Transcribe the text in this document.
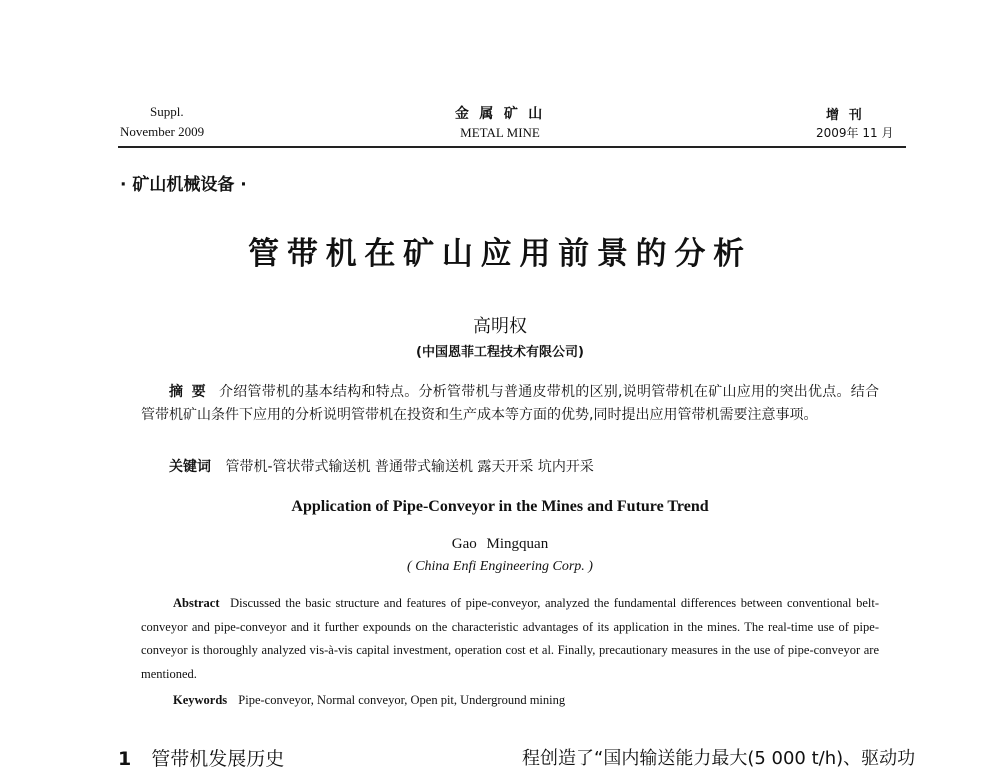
Suppl.
November 2009
金 属 矿 山
METAL MINE
增 刊
2009年 11 月
· 矿山机械设备 ·
管带机在矿山应用前景的分析
高明权
(中国恩菲工程技术有限公司)
摘要 介绍管带机的基本结构和特点。分析管带机与普通皮带机的区别,说明管带机在矿山应用的突出优点。结合管带机矿山条件下应用的分析说明管带机在投资和生产成本等方面的优势,同时提出应用管带机需要注意事项。
关键词 管带机-管状带式输送机 普通带式输送机 露天开采 坑内开采
Application of Pipe-Conveyor in the Mines and Future Trend
Gao Mingquan
( China Enfi Engineering Corp. )
Abstract Discussed the basic structure and features of pipe-conveyor, analyzed the fundamental differences between conventional belt-conveyor and pipe-conveyor and it further expounds on the characteristic advantages of its application in the mines. The real-time use of pipe-conveyor is thoroughly analyzed vis-à-vis capital investment, operation cost et al. Finally, precautionary measures in the use of pipe-conveyor are mentioned.
Keywords Pipe-conveyor, Normal conveyor, Open pit, Underground mining
1 管带机发展历史	程创造了“国内输送能力最大(5 000 t/h)、驱动功
